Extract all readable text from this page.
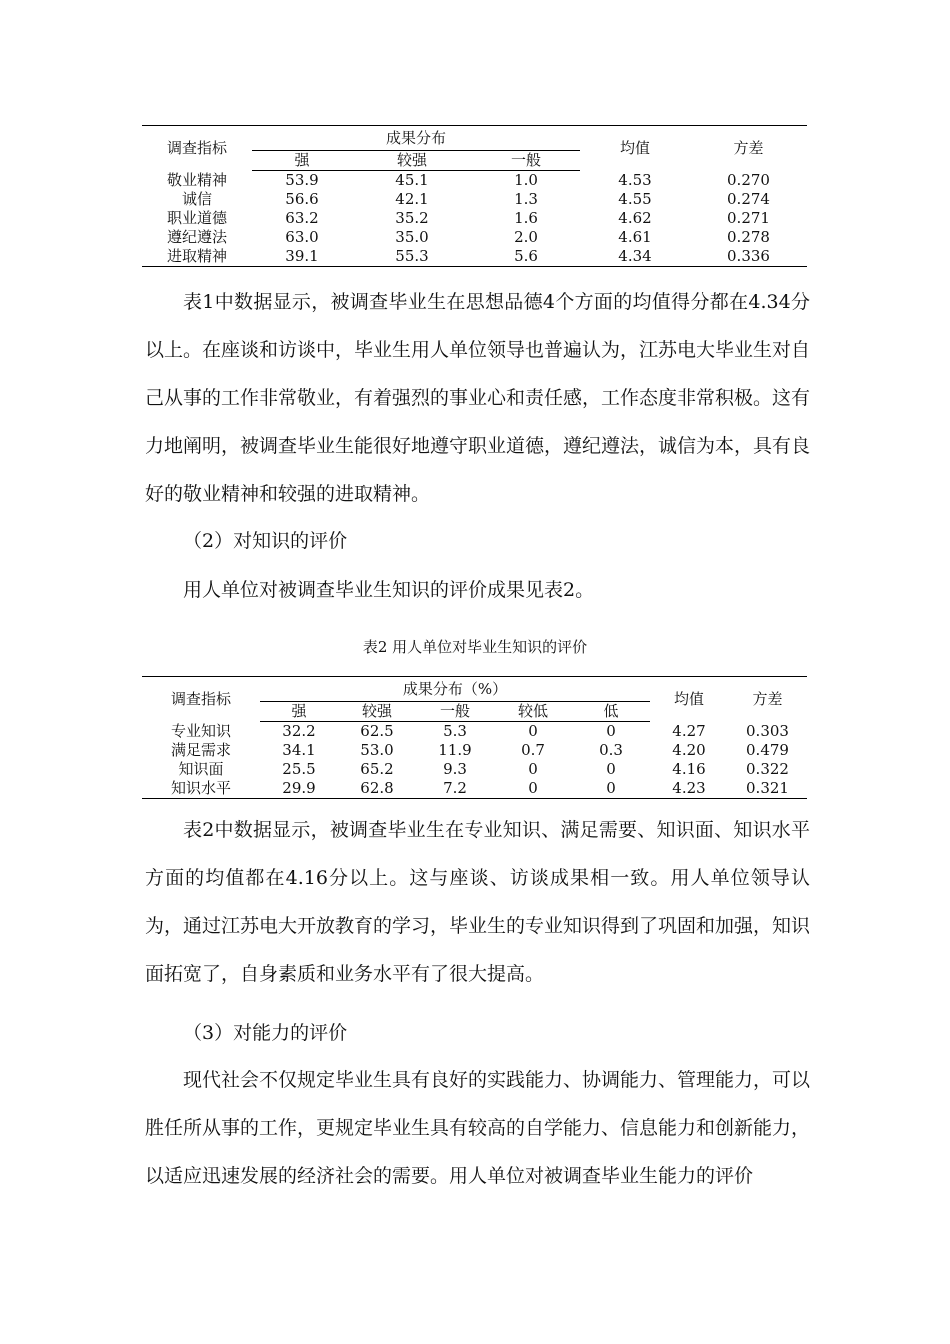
调查指标	成果分布			均值	方差
	强	较强	一般		
敬业精神	53.9	45.1	1.0	4.53	0.270
诚信	56.6	42.1	1.3	4.55	0.274
职业道德	63.2	35.2	1.6	4.62	0.271
遵纪遵法	63.0	35.0	2.0	4.61	0.278
进取精神	39.1	55.3	5.6	4.34	0.336

表1中数据显示，被调查毕业生在思想品德4个方面的均值得分都在4.34分以上。在座谈和访谈中，毕业生用人单位领导也普遍认为，江苏电大毕业生对自己从事的工作非常敬业，有着强烈的事业心和责任感，工作态度非常积极。这有力地阐明，被调查毕业生能很好地遵守职业道德，遵纪遵法，诚信为本，具有良好的敬业精神和较强的进取精神。

（2）对知识的评价

用人单位对被调查毕业生知识的评价成果见表2。

表2 用人单位对毕业生知识的评价

调查指标	成果分布（%）					均值	方差
	强	较强	一般	较低	低		
专业知识	32.2	62.5	5.3	0	0	4.27	0.303
满足需求	34.1	53.0	11.9	0.7	0.3	4.20	0.479
知识面	25.5	65.2	9.3	0	0	4.16	0.322
知识水平	29.9	62.8	7.2	0	0	4.23	0.321

表2中数据显示，被调查毕业生在专业知识、满足需要、知识面、知识水平方面的均值都在4.16分以上。这与座谈、访谈成果相一致。用人单位领导认为，通过江苏电大开放教育的学习，毕业生的专业知识得到了巩固和加强，知识面拓宽了，自身素质和业务水平有了很大提高。

（3）对能力的评价

现代社会不仅规定毕业生具有良好的实践能力、协调能力、管理能力，可以胜任所从事的工作，更规定毕业生具有较高的自学能力、信息能力和创新能力，以适应迅速发展的经济社会的需要。用人单位对被调查毕业生能力的评价
